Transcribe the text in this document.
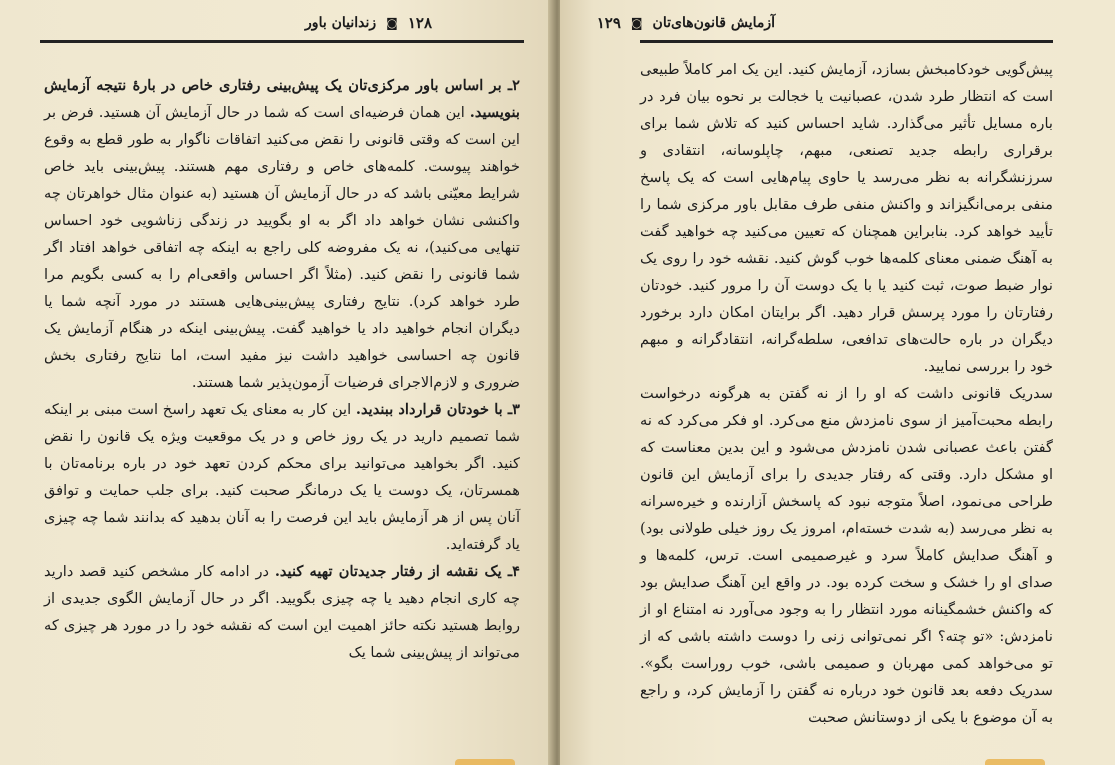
۱۲۸
◙
زندانیان باور

۲ـ بر اساس باور مرکزی‌تان یک پیش‌بینی رفتاری خاص در بارهٔ نتیجه آزمایش بنویسید. این همان فرضیه‌ای است که شما در حال آزمایش آن هستید. فرض بر این است که وقتی قانونی را نقض می‌کنید اتفاقات ناگوار به طور قطع به وقوع خواهند پیوست. کلمه‌های خاص و رفتاری مهم هستند. پیش‌بینی باید خاص شرایط معیّنی باشد که در حال آزمایش آن هستید (به عنوان مثال خواهرتان چه واکنشی نشان خواهد داد اگر به او بگویید در زندگی زناشویی خود احساس تنهایی می‌کنید)، نه یک مفروضه کلی راجع به اینکه چه اتفاقی خواهد افتاد اگر شما قانونی را نقض کنید. (مثلاً اگر احساس واقعی‌ام را به کسی بگویم مرا طرد خواهد کرد). نتایج رفتاری پیش‌بینی‌هایی هستند در مورد آنچه شما یا دیگران انجام خواهید داد یا خواهید گفت. پیش‌بینی اینکه در هنگام آزمایش یک قانون چه احساسی خواهید داشت نیز مفید است، اما نتایج رفتاری بخش ضروری و لازم‌الاجرای فرضیات آزمون‌پذیر شما هستند.

۳ـ با خودتان قرارداد ببندید. این کار به معنای یک تعهد راسخ است مبنی بر اینکه شما تصمیم دارید در یک روز خاص و در یک موقعیت ویژه یک قانون را نقض کنید. اگر بخواهید می‌توانید برای محکم کردن تعهد خود در باره برنامه‌تان با همسرتان، یک دوست یا یک درمانگر صحبت کنید. برای جلب حمایت و توافق آنان پس از هر آزمایش باید این فرصت را به آنان بدهید که بدانند شما چه چیزی یاد گرفته‌اید.

۴ـ یک نقشه از رفتار جدیدتان تهیه کنید. در ادامه کار مشخص کنید قصد دارید چه کاری انجام دهید یا چه چیزی بگویید. اگر در حال آزمایش الگوی جدیدی از روابط هستید نکته حائز اهمیت این است که نقشه خود را در مورد هر چیزی که می‌تواند از پیش‌بینی شما یک

آزمایش قانون‌های‌تان
◙
۱۲۹

پیش‌گویی خودکامبخش بسازد، آزمایش کنید. این یک امر کاملاً طبیعی است که انتظار طرد شدن، عصبانیت یا خجالت بر نحوه بیان فرد در باره مسایل تأثیر می‌گذارد. شاید احساس کنید که تلاش شما برای برقراری رابطه جدید تصنعی، مبهم، چاپلوسانه، انتقادی و سرزنشگرانه به نظر می‌رسد یا حاوی پیام‌هایی است که یک پاسخ منفی برمی‌انگیزاند و واکنش منفی طرف مقابل باور مرکزی شما را تأیید خواهد کرد. بنابراین همچنان که تعیین می‌کنید چه خواهید گفت به آهنگ ضمنی معنای کلمه‌ها خوب گوش کنید. نقشه خود را روی یک نوار ضبط صوت، ثبت کنید یا با یک دوست آن را مرور کنید. خودتان رفتارتان را مورد پرسش قرار دهید. اگر برایتان امکان دارد برخورد دیگران در باره حالت‌های تدافعی، سلطه‌گرانه، انتقادگرانه و مبهم خود را بررسی نمایید.

سدریک قانونی داشت که او را از نه گفتن به هرگونه درخواست رابطه محبت‌آمیز از سوی نامزدش منع می‌کرد. او فکر می‌کرد که نه گفتن باعث عصبانی شدن نامزدش می‌شود و این بدین معناست که او مشکل دارد. وقتی که رفتار جدیدی را برای آزمایش این قانون طراحی می‌نمود، اصلاً متوجه نبود که پاسخش آزارنده و خیره‌سرانه به نظر می‌رسد (به شدت خسته‌ام، امروز یک روز خیلی طولانی بود) و آهنگ صدایش کاملاً سرد و غیرصمیمی است. ترس، کلمه‌ها و صدای او را خشک و سخت کرده بود. در واقع این آهنگ صدایش بود که واکنش خشمگینانه مورد انتظار را به وجود می‌آورد نه امتناع او از نامزدش: «تو چته؟ اگر نمی‌توانی زنی را دوست داشته باشی که از تو می‌خواهد کمی مهربان و صمیمی باشی، خوب روراست بگو». سدریک دفعه بعد قانون خود درباره نه گفتن را آزمایش کرد، و راجع به آن موضوع با یکی از دوستانش صحبت
